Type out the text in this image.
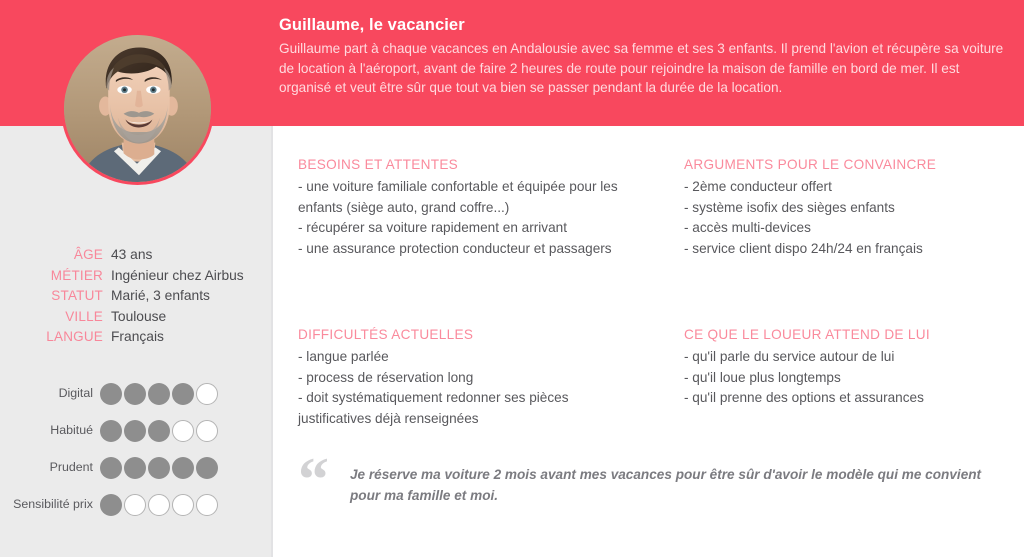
Guillaume, le vacancier

Guillaume part à chaque vacances en Andalousie avec sa femme et ses 3 enfants. Il prend l'avion et récupère sa voiture de location à l'aéroport, avant de faire 2 heures de route pour rejoindre la maison de famille en bord de mer. Il est organisé et veut être sûr que tout va bien se passer pendant la durée de la location.

ÂGE 43 ans
MÉTIER Ingénieur chez Airbus
STATUT Marié, 3 enfants
VILLE Toulouse
LANGUE Français
Digital
Habitué
Prudent
Sensibilité prix
BESOINS ET ATTENTES
- une voiture familiale confortable et équipée pour les enfants (siège auto, grand coffre...)
- récupérer sa voiture rapidement en arrivant
- une assurance protection conducteur et passagers
ARGUMENTS POUR LE CONVAINCRE
- 2ème conducteur offert
- système isofix des sièges enfants
- accès multi-devices
- service client dispo 24h/24 en français
DIFFICULTÉS ACTUELLES
- langue parlée
- process de réservation long
- doit systématiquement redonner ses pièces justificatives déjà renseignées
CE QUE LE LOUEUR ATTEND DE LUI
- qu'il parle du service autour de lui
- qu'il loue plus longtemps
- qu'il prenne des options et assurances
“	Je réserve ma voiture 2 mois avant mes vacances pour être sûr d'avoir le modèle qui me convient pour ma famille et moi.
